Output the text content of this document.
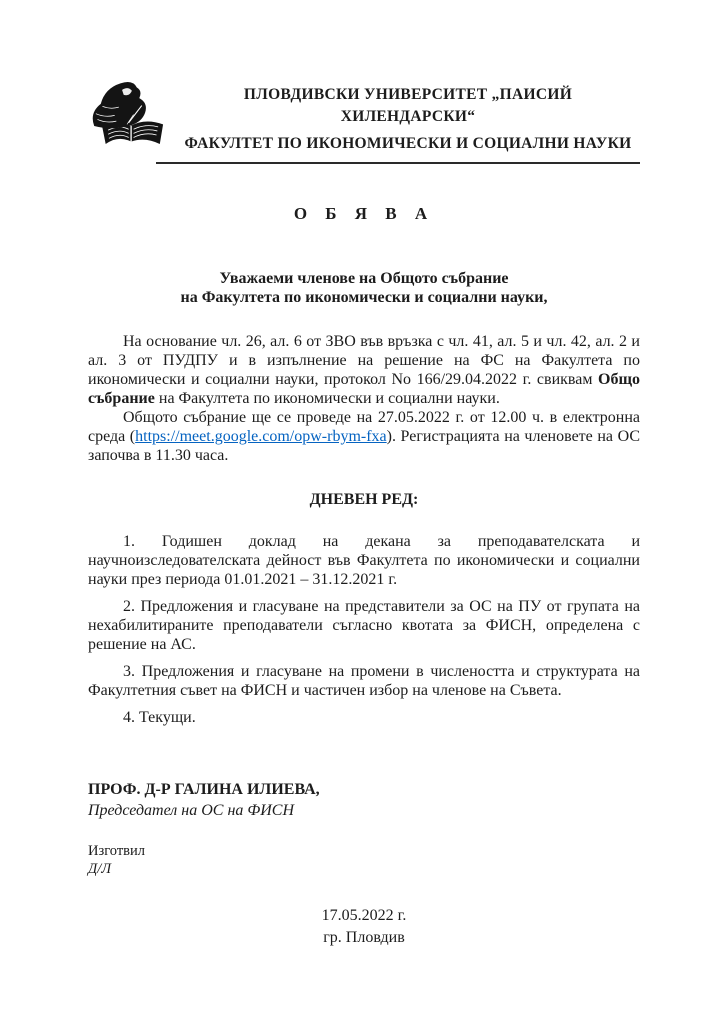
ПЛОВДИВСКИ УНИВЕРСИТЕТ „ПАИСИЙ ХИЛЕНДАРСКИ“
ФАКУЛТЕТ ПО ИКОНОМИЧЕСКИ И СОЦИАЛНИ НАУКИ
О Б Я В А
Уважаеми членове на Общото събрание
на Факултета по икономически и социални науки,

На основание чл. 26, ал. 6 от ЗВО във връзка с чл. 41, ал. 5 и чл. 42, ал. 2 и ал. 3 от ПУДПУ и в изпълнение на решение на ФС на Факултета по икономически и социални науки, протокол No 166/29.04.2022 г. свиквам Общо събрание на Факултета по икономически и социални науки.

Общото събрание ще се проведе на 27.05.2022 г. от 12.00 ч. в електронна среда (https://meet.google.com/opw-rbym-fxa). Регистрацията на членовете на ОС започва в 11.30 часа.

ДНЕВЕН РЕД:

1. Годишен доклад на декана за преподавателската и научноизследователската дейност във Факултета по икономически и социални науки през периода 01.01.2021 – 31.12.2021 г.

2. Предложения и гласуване на представители за ОС на ПУ от групата на нехабилитираните преподаватели съгласно квотата за ФИСН, определена с решение на АС.

3. Предложения и гласуване на промени в числеността и структурата на Факултетния съвет на ФИСН и частичен избор на членове на Съвета.

4. Текущи.

ПРОФ. Д-Р ГАЛИНА ИЛИЕВА,
Председател на ОС на ФИСН
Изготвил
Д/Л
17.05.2022 г.
гр. Пловдив
